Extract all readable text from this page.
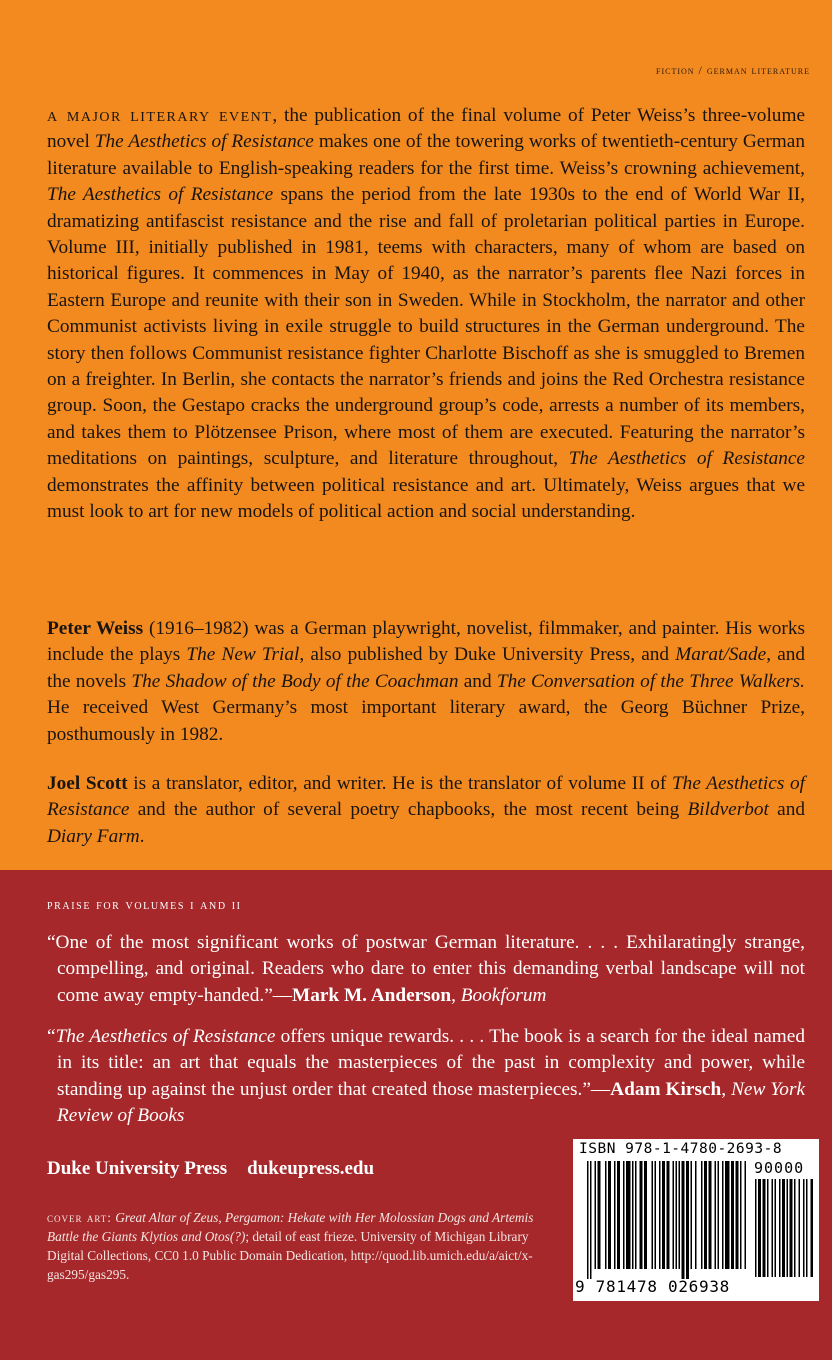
fiction / german literature

a major literary event, the publication of the final volume of Peter Weiss’s three-volume novel The Aesthetics of Resistance makes one of the towering works of twentieth-century German literature available to English-speaking readers for the first time. Weiss’s crowning achievement, The Aesthetics of Resistance spans the period from the late 1930s to the end of World War II, dramatizing antifascist resistance and the rise and fall of proletarian political parties in Europe. Volume III, initially published in 1981, teems with characters, many of whom are based on historical figures. It commences in May of 1940, as the narrator’s parents flee Nazi forces in Eastern Europe and reunite with their son in Sweden. While in Stockholm, the narrator and other Communist activists living in exile struggle to build structures in the German underground. The story then follows Communist resistance fighter Charlotte Bischoff as she is smuggled to Bremen on a freighter. In Berlin, she contacts the narrator’s friends and joins the Red Orchestra resistance group. Soon, the Gestapo cracks the underground group’s code, arrests a number of its members, and takes them to Plötzensee Prison, where most of them are executed. Featuring the narrator’s meditations on paintings, sculpture, and literature throughout, The Aesthetics of Resistance demonstrates the affinity between political resistance and art. Ultimately, Weiss argues that we must look to art for new models of political action and social understanding.

Peter Weiss (1916–1982) was a German playwright, novelist, filmmaker, and painter. His works include the plays The New Trial, also published by Duke University Press, and Marat/Sade, and the novels The Shadow of the Body of the Coachman and The Conversation of the Three Walkers. He received West Germany’s most important literary award, the Georg Büchner Prize, posthumously in 1982.

Joel Scott is a translator, editor, and writer. He is the translator of volume II of The Aesthetics of Resistance and the author of several poetry chapbooks, the most recent being Bildverbot and Diary Farm.

praise for volumes i and ii

“One of the most significant works of postwar German literature. . . . Exhilaratingly strange, compelling, and original. Readers who dare to enter this demanding verbal landscape will not come away empty-handed.”—Mark M. Anderson, Bookforum

“The Aesthetics of Resistance offers unique rewards. . . . The book is a search for the ideal named in its title: an art that equals the masterpieces of the past in complexity and power, while standing up against the unjust order that created those masterpieces.”—Adam Kirsch, New York Review of Books

Duke University Press dukeupress.edu

cover art: Great Altar of Zeus, Pergamon: Hekate with Her Molossian Dogs and Artemis Battle the Giants Klytios and Otos(?); detail of east frieze. University of Michigan Library Digital Collections, CC0 1.0 Public Domain Dedication, http://quod.lib.umich.edu/a/aict/x-gas295/gas295.

ISBN 978-1-4780-2693-8
90000
9 781478 026938
